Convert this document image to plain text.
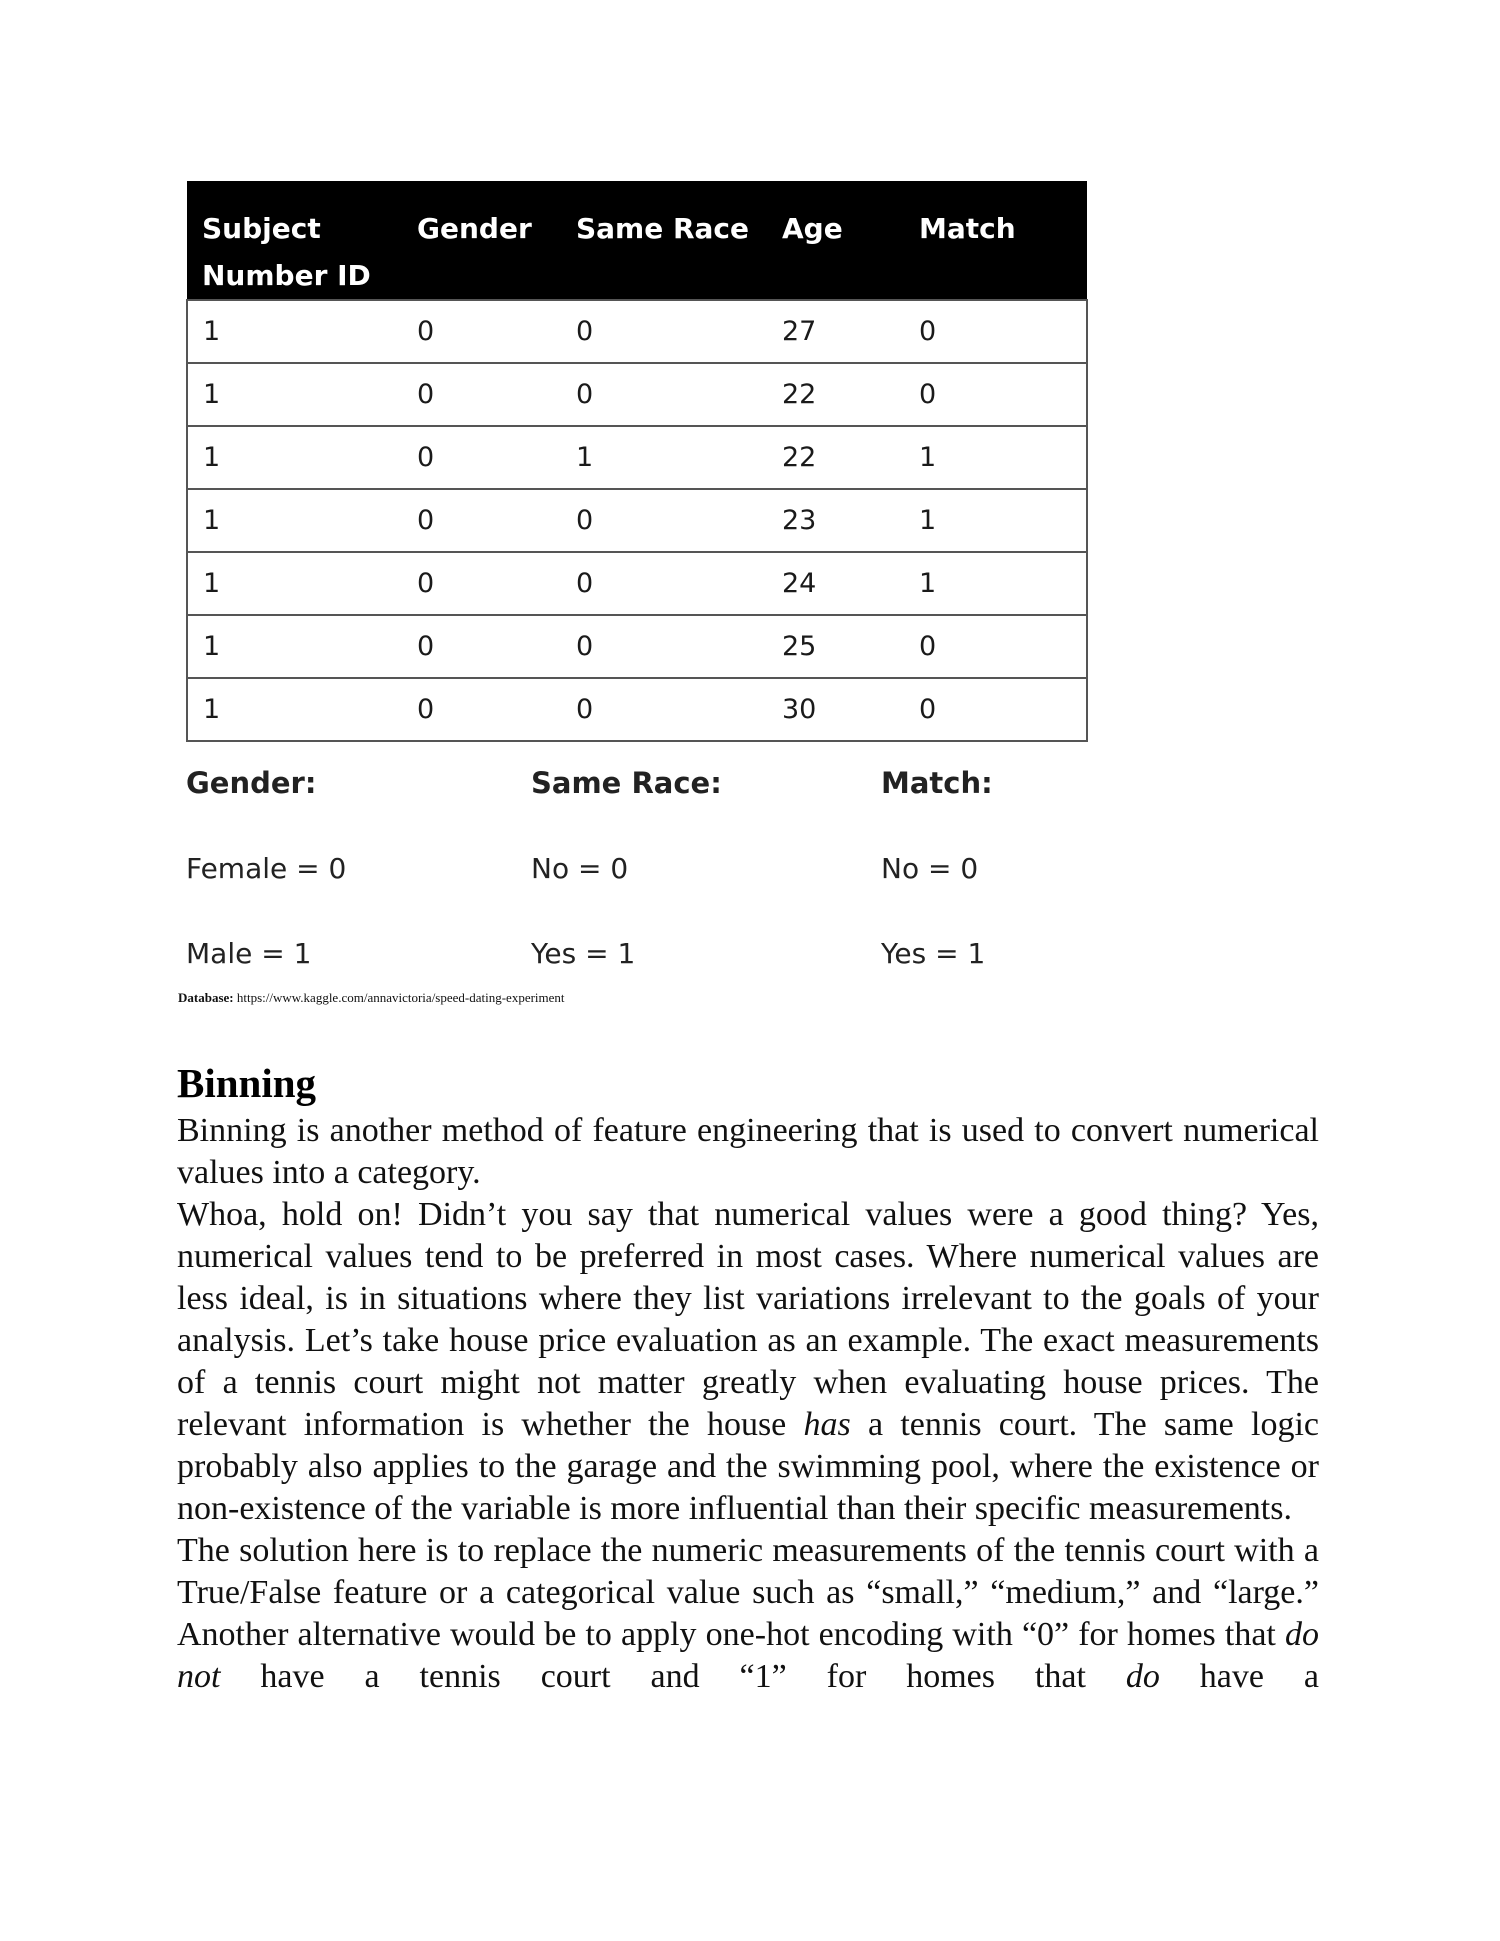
Subject Number ID	Gender	Same Race	Age	Match
1	0	0	27	0
1	0	0	22	0
1	0	1	22	1
1	0	0	23	1
1	0	0	24	1
1	0	0	25	0
1	0	0	30	0
Gender:
Female = 0
Male = 1
Same Race:
No = 0
Yes = 1
Match:
No = 0
Yes = 1
Database: https://www.kaggle.com/annavictoria/speed-dating-experiment
Binning

Binning is another method of feature engineering that is used to convert numerical values into a category.

Whoa, hold on! Didn’t you say that numerical values were a good thing? Yes, numerical values tend to be preferred in most cases. Where numerical values are less ideal, is in situations where they list variations irrelevant to the goals of your analysis. Let’s take house price evaluation as an example. The exact measurements of a tennis court might not matter greatly when evaluating house prices. The relevant information is whether the house has a tennis court. The same logic probably also applies to the garage and the swimming pool, where the existence or non-existence of the variable is more influential than their specific measurements.

The solution here is to replace the numeric measurements of the tennis court with a True/False feature or a categorical value such as “small,” “medium,” and “large.” Another alternative would be to apply one-hot encoding with “0” for homes that do not have a tennis court and “1” for homes that do have a
